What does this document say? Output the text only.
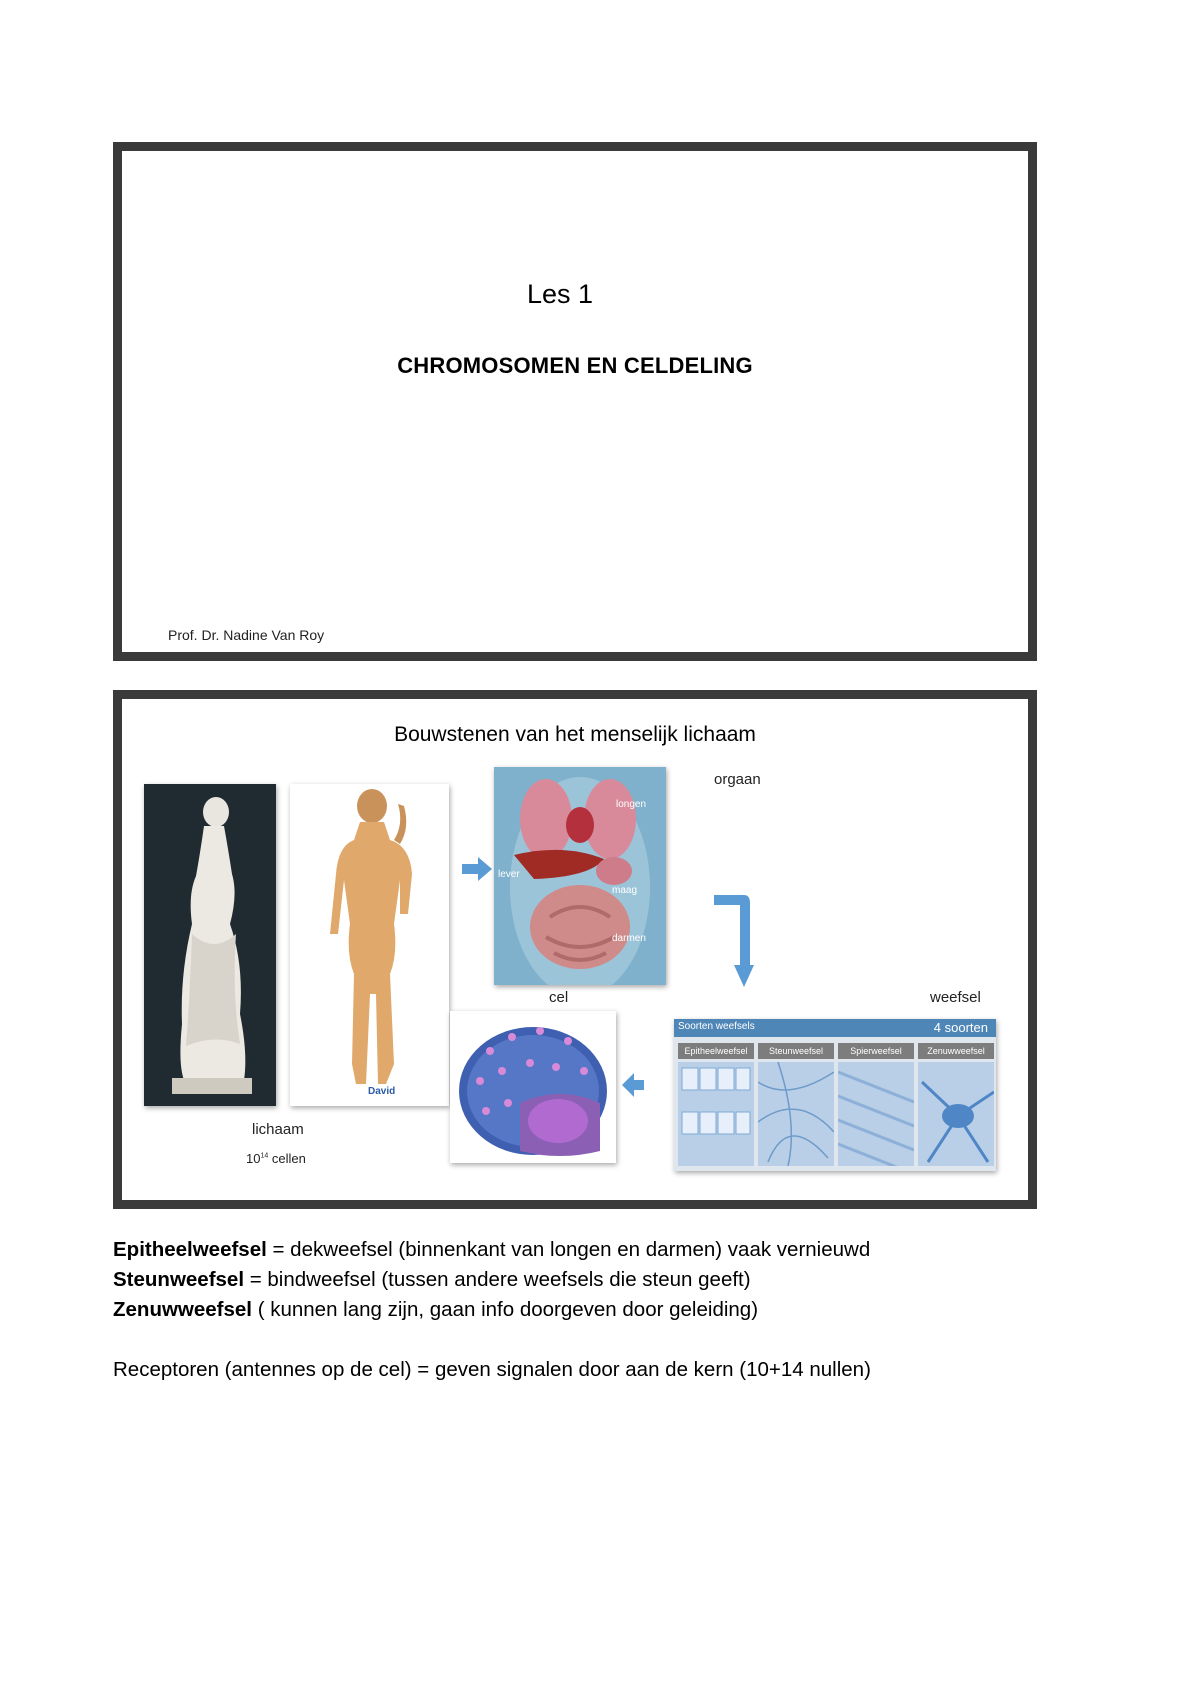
Les 1
CHROMOSOMEN EN CELDELING
Prof. Dr. Nadine Van Roy
Bouwstenen van het menselijk lichaam
David
longen
lever
maag
darmen
orgaan
cel	weefsel
Soorten weefsels	4 soorten
Epitheelweefsel	Steunweefsel	Spierweefsel	Zenuwweefsel
lichaam
$10^{14}$ cellen

Epitheelweefsel = dekweefsel (binnenkant van longen en darmen) vaak vernieuwd

Steunweefsel = bindweefsel (tussen andere weefsels die steun geeft)

Zenuwweefsel ( kunnen lang zijn, gaan info doorgeven door geleiding)

Receptoren (antennes op de cel) = geven signalen door aan de kern (10+14 nullen)
